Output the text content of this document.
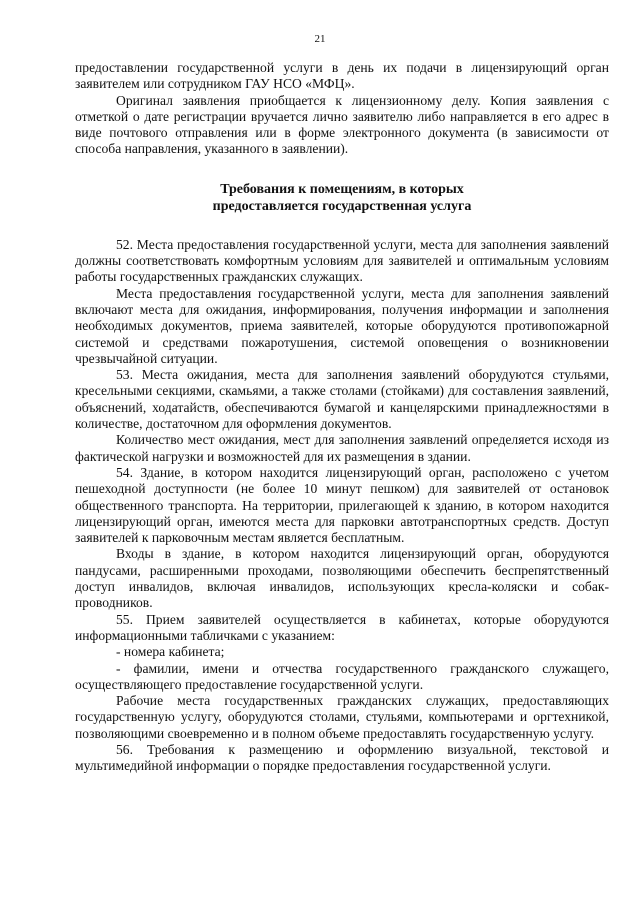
21

предоставлении государственной услуги в день их подачи в лицензирующий орган заявителем или сотрудником ГАУ НСО «МФЦ».

Оригинал заявления приобщается к лицензионному делу. Копия заявления с отметкой о дате регистрации вручается лично заявителю либо направляется в его адрес в виде почтового отправления или в форме электронного документа (в зависимости от способа направления, указанного в заявлении).

Требования к помещениям, в которых
предоставляется государственная услуга

52. Места предоставления государственной услуги, места для заполнения заявлений должны соответствовать комфортным условиям для заявителей и оптимальным условиям работы государственных гражданских служащих.

Места предоставления государственной услуги, места для заполнения заявлений включают места для ожидания, информирования, получения информации и заполнения необходимых документов, приема заявителей, которые оборудуются противопожарной системой и средствами пожаротушения, системой оповещения о возникновении чрезвычайной ситуации.

53. Места ожидания, места для заполнения заявлений оборудуются стульями, кресельными секциями, скамьями, а также столами (стойками) для составления заявлений, объяснений, ходатайств, обеспечиваются бумагой и канцелярскими принадлежностями в количестве, достаточном для оформления документов.

Количество мест ожидания, мест для заполнения заявлений определяется исходя из фактической нагрузки и возможностей для их размещения в здании.

54. Здание, в котором находится лицензирующий орган, расположено с учетом пешеходной доступности (не более 10 минут пешком) для заявителей от остановок общественного транспорта. На территории, прилегающей к зданию, в котором находится лицензирующий орган, имеются места для парковки автотранспортных средств. Доступ заявителей к парковочным местам является бесплатным.

Входы в здание, в котором находится лицензирующий орган, оборудуются пандусами, расширенными проходами, позволяющими обеспечить беспрепятственный доступ инвалидов, включая инвалидов, использующих кресла-коляски и собак-проводников.

55. Прием заявителей осуществляется в кабинетах, которые оборудуются информационными табличками с указанием:

- номера кабинета;

- фамилии, имени и отчества государственного гражданского служащего, осуществляющего предоставление государственной услуги.

Рабочие места государственных гражданских служащих, предоставляющих государственную услугу, оборудуются столами, стульями, компьютерами и оргтехникой, позволяющими своевременно и в полном объеме предоставлять государственную услугу.

56. Требования к размещению и оформлению визуальной, текстовой и мультимедийной информации о порядке предоставления государственной услуги.
